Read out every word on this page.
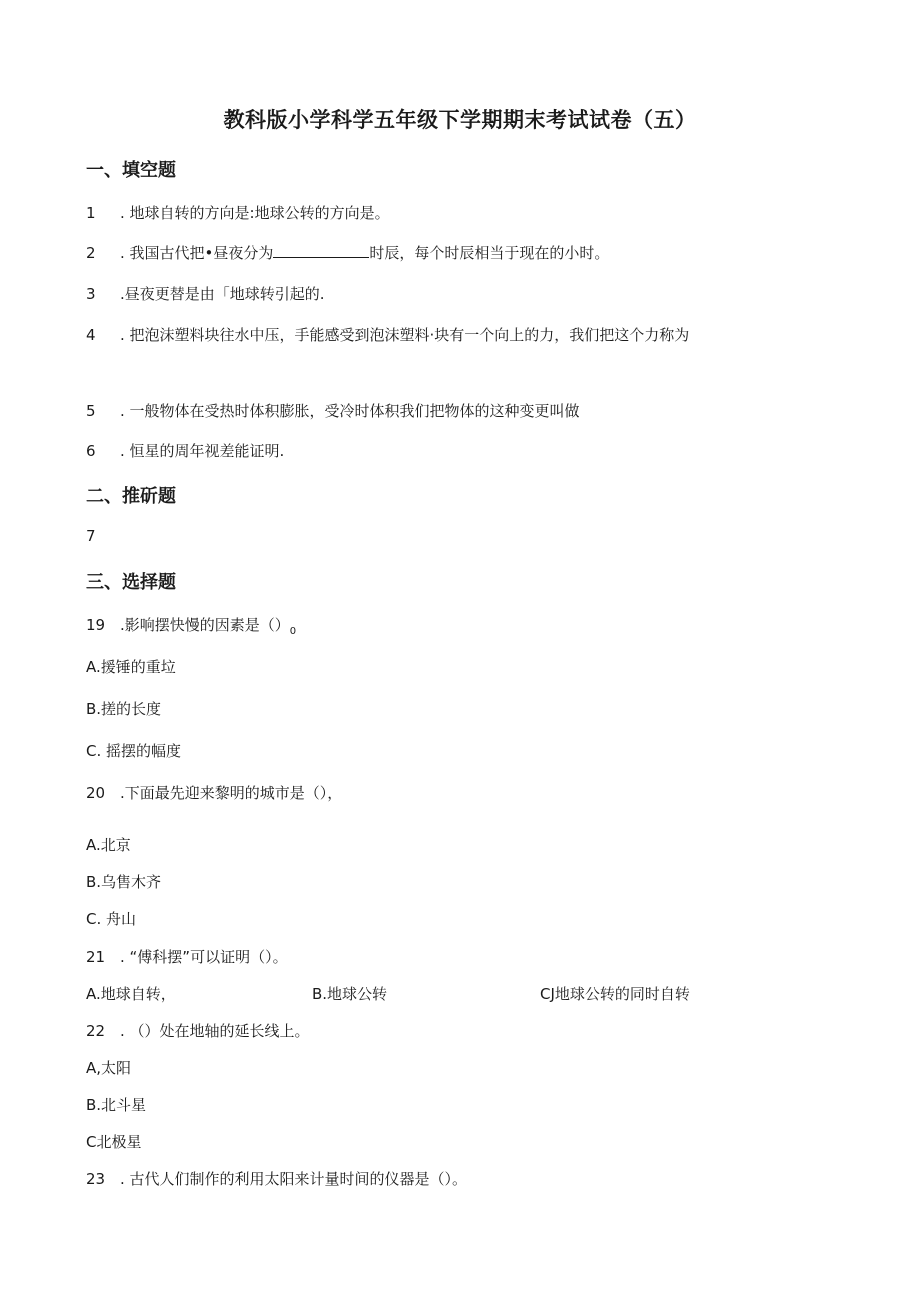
教科版小学科学五年级下学期期末考试试卷（五）
一、填空题
1 . 地球自转的方向是:地球公转的方向是。
2 . 我国古代把•昼夜分为	时辰，每个时辰相当于现在的小时。
3 .昼夜更替是由「地球转引起的.
4 . 把泡沫塑料块往水中压，手能感受到泡沫塑料·块有一个向上的力，我们把这个力称为
5 . 一般物体在受热时体积膨胀，受冷时体积我们把物体的这种变更叫做
6 . 恒星的周年视差能证明.
二、推斫题
7
三、选择题
19 .影响摆快慢的因素是$()_0$
A.援锤的重垃
B.搓的长度
C. 摇摆的幅度
20 .下面最先迎来黎明的城市是（），
A.北京
B.乌售木齐
C. 舟山
21 . “傅科摆”可以证明（）。
A.地球自转，	B.地球公转	CJ地球公转的同时自转
22 . （）处在地轴的延长线上。
A,太阳
B.北斗星
C北极星
23 . 古代人们制作的利用太阳来计量时间的仪器是（）。
